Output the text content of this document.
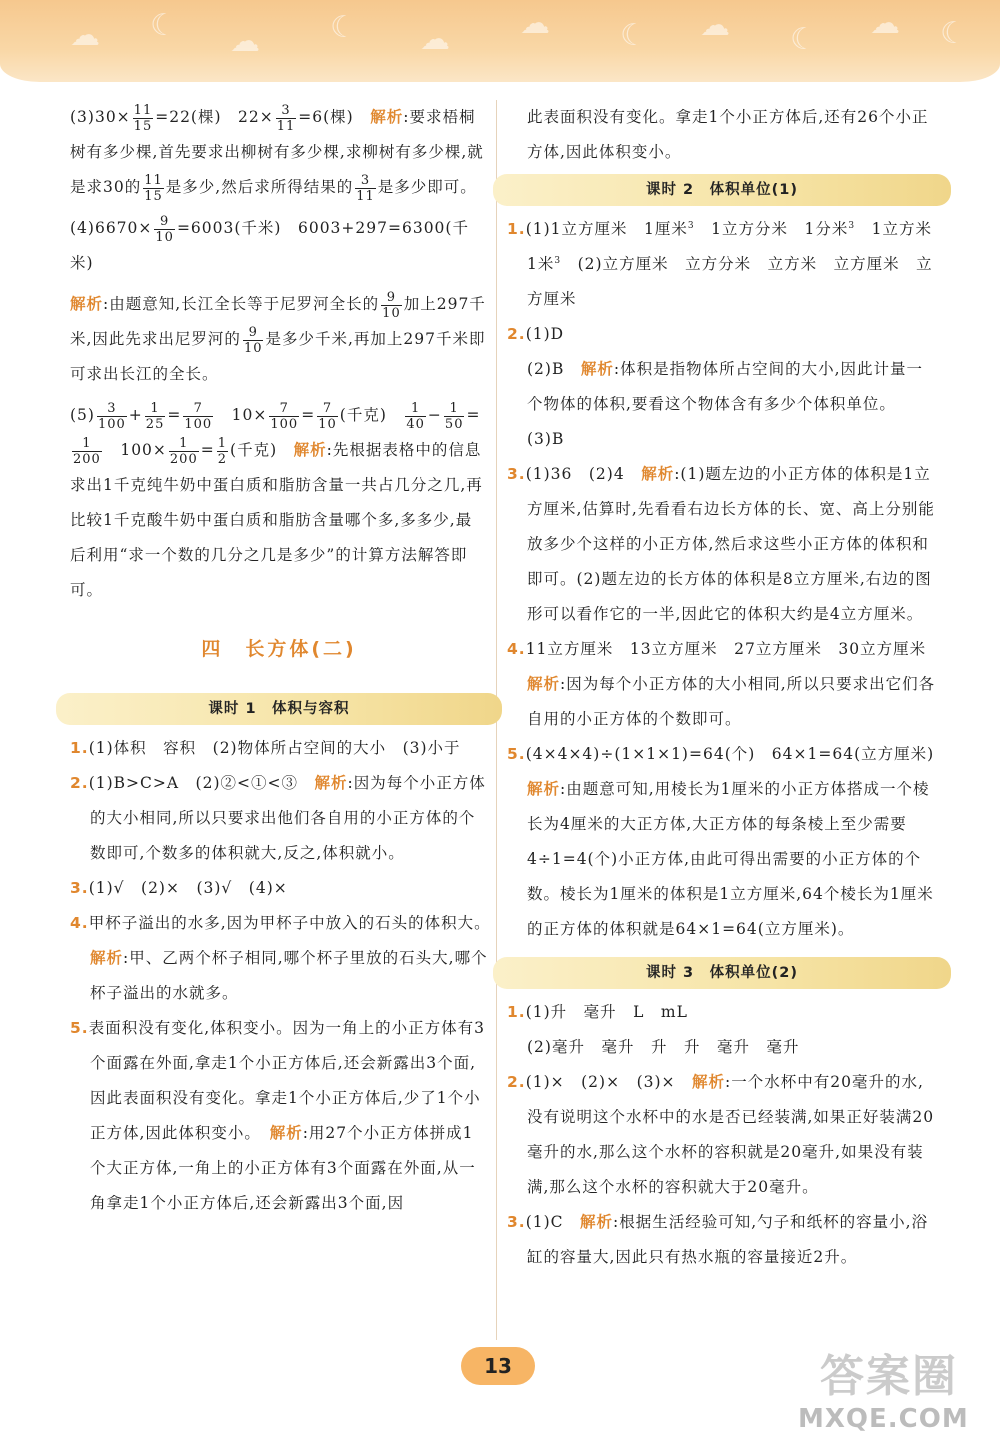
☁ ☾ ☁ ☾ ☁ ☁ ☾ ☁ ☾ ☁ ☾

$(3)30\times \frac{11}{15} =22$(棵)　$22\times \frac{3}{11} =6$(棵)　解析:要求梧桐树有多少棵,首先要求出柳树有多少棵,求柳树有多少棵,就是求30的 $\frac{11}{15}$ 是多少,然后求所得结果的 $\frac{3}{11}$ 是多少即可。

$(4)6670\times \frac{9}{10} =6003$(千米)　6003+297=6300(千米)

解析:由题意知,长江全长等于尼罗河全长的 $\frac{9}{10}$ 加上297千米,因此先求出尼罗河的 $\frac{9}{10}$ 是多少千米,再加上297千米即可求出长江的全长。

$(5) \frac{3}{100} + \frac{1}{25} = \frac{7}{100}$ 　$10\times \frac{7}{100} = \frac{7}{10}$ (千克)　 $\frac{1}{40} - \frac{1}{50}$ =
$\frac{1}{200}$ 　$100\times \frac{1}{200} = \frac{1}{2}$ (千克)　解析:先根据表格中的信息求出1千克纯牛奶中蛋白质和脂肪含量一共占几分之几,再比较1千克酸牛奶中蛋白质和脂肪含量哪个多,多多少,最后利用“求一个数的几分之几是多少”的计算方法解答即可。

四　长方体(二)
课时 1　体积与容积

1.(1)体积　容积　(2)物体所占空间的大小　(3)小于

2.(1)B>C>A　(2)②<①<③　解析:因为每个小正方体的大小相同,所以只要求出他们各自用的小正方体的个数即可,个数多的体积就大,反之,体积就小。

3.(1)√　(2)×　(3)√　(4)×

4.甲杯子溢出的水多,因为甲杯子中放入的石头的体积大。　解析:甲、乙两个杯子相同,哪个杯子里放的石头大,哪个杯子溢出的水就多。

5.表面积没有变化,体积变小。因为一角上的小正方体有3个面露在外面,拿走1个小正方体后,还会新露出3个面,因此表面积没有变化。拿走1个小正方体后,少了1个小正方体,因此体积变小。　解析:用27个小正方体拼成1个大正方体,一角上的小正方体有3个面露在外面,从一角拿走1个小正方体后,还会新露出3个面,因

此表面积没有变化。拿走1个小正方体后,还有26个小正方体,因此体积变小。

课时 2　体积单位(1)

1.(1)1立方厘米　1厘米$^3$　1立方分米　1分米$^3$　1立方米　1米$^3$　(2)立方厘米　立方分米　立方米　立方厘米　立方厘米

2.(1)D

(2)B　解析:体积是指物体所占空间的大小,因此计量一个物体的体积,要看这个物体含有多少个体积单位。

(3)B

3.(1)36　(2)4　解析:(1)题左边的小正方体的体积是1立方厘米,估算时,先看看右边长方体的长、宽、高上分别能放多少个这样的小正方体,然后求这些小正方体的体积和即可。(2)题左边的长方体的体积是8立方厘米,右边的图形可以看作它的一半,因此它的体积大约是4立方厘米。

4.11立方厘米　13立方厘米　27立方厘米　30立方厘米

解析:因为每个小正方体的大小相同,所以只要求出它们各自用的小正方体的个数即可。

5.(4×4×4)÷(1×1×1)=64(个)　64×1=64(立方厘米)　解析:由题意可知,用棱长为1厘米的小正方体搭成一个棱长为4厘米的大正方体,大正方体的每条棱上至少需要4÷1=4(个)小正方体,由此可得出需要的小正方体的个数。棱长为1厘米的体积是1立方厘米,64个棱长为1厘米的正方体的体积就是64×1=64(立方厘米)。

课时 3　体积单位(2)

1.(1)升　毫升　L　mL

(2)毫升　毫升　升　升　毫升　毫升

2.(1)×　(2)×　(3)×　解析:一个水杯中有20毫升的水,没有说明这个水杯中的水是否已经装满,如果正好装满20毫升的水,那么这个水杯的容积就是20毫升,如果没有装满,那么这个水杯的容积就大于20毫升。

3.(1)C　解析:根据生活经验可知,勺子和纸杯的容量小,浴缸的容量大,因此只有热水瓶的容量接近2升。

13	答案圈
MXQE.COM
